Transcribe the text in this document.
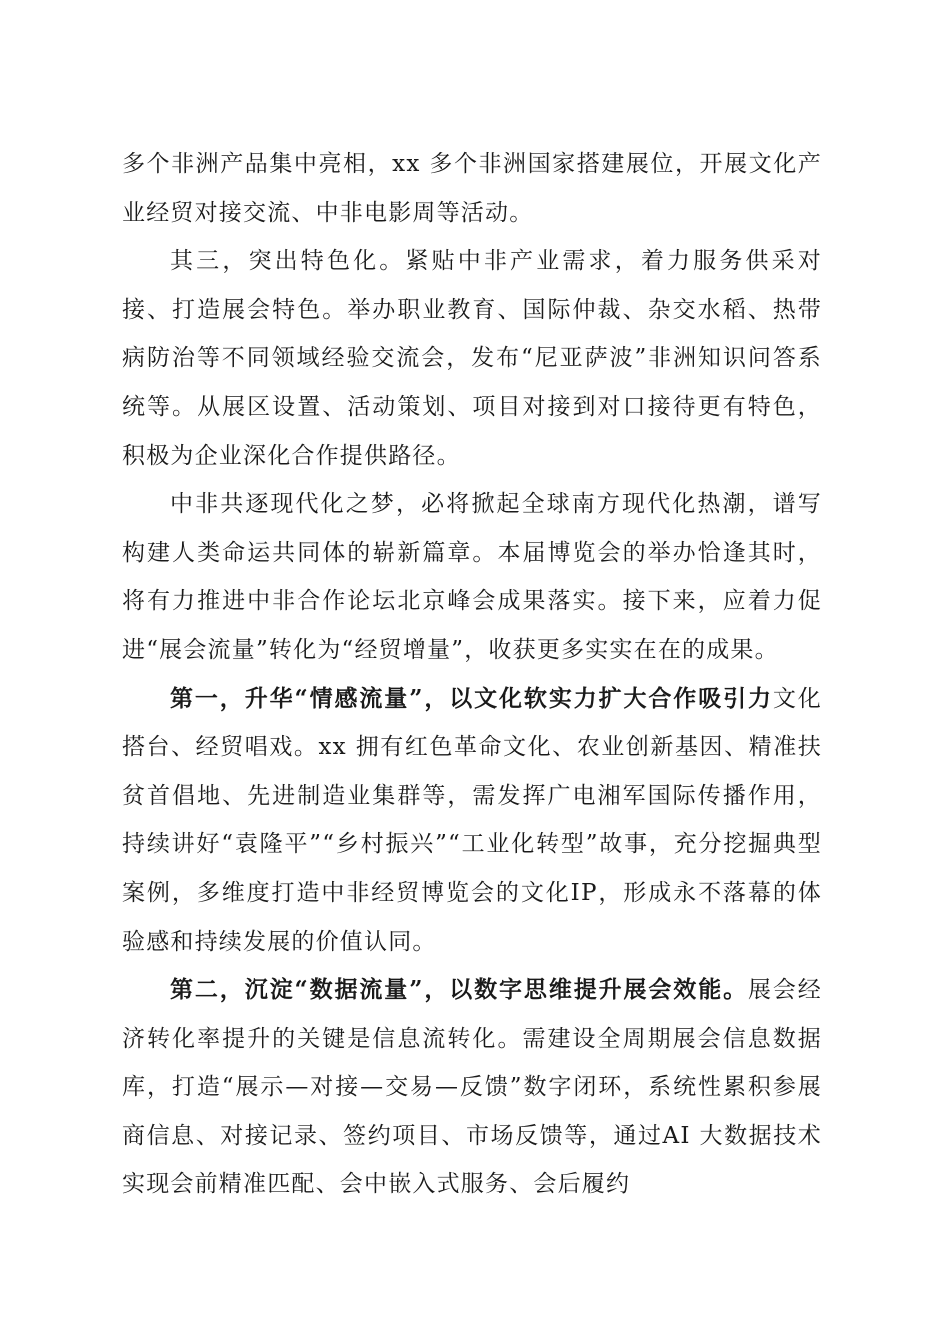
多个非洲产品集中亮相，xx 多个非洲国家搭建展位，开展文化产业经贸对接交流、中非电影周等活动。

其三，突出特色化。紧贴中非产业需求，着力服务供采对接、打造展会特色。举办职业教育、国际仲裁、杂交水稻、热带病防治等不同领域经验交流会，发布“尼亚萨波”非洲知识问答系统等。从展区设置、活动策划、项目对接到对口接待更有特色，积极为企业深化合作提供路径。

中非共逐现代化之梦，必将掀起全球南方现代化热潮，谱写构建人类命运共同体的崭新篇章。本届博览会的举办恰逢其时，将有力推进中非合作论坛北京峰会成果落实。接下来，应着力促进“展会流量”转化为“经贸增量”，收获更多实实在在的成果。

第一，升华“情感流量”，以文化软实力扩大合作吸引力文化搭台、经贸唱戏。xx 拥有红色革命文化、农业创新基因、精准扶贫首倡地、先进制造业集群等，需发挥广电湘军国际传播作用，持续讲好“袁隆平”“乡村振兴”“工业化转型”故事，充分挖掘典型案例，多维度打造中非经贸博览会的文化IP，形成永不落幕的体验感和持续发展的价值认同。

第二，沉淀“数据流量”，以数字思维提升展会效能。展会经济转化率提升的关键是信息流转化。需建设全周期展会信息数据库，打造“展示—对接—交易—反馈”数字闭环，系统性累积参展商信息、对接记录、签约项目、市场反馈等，通过AI 大数据技术实现会前精准匹配、会中嵌入式服务、会后履约
